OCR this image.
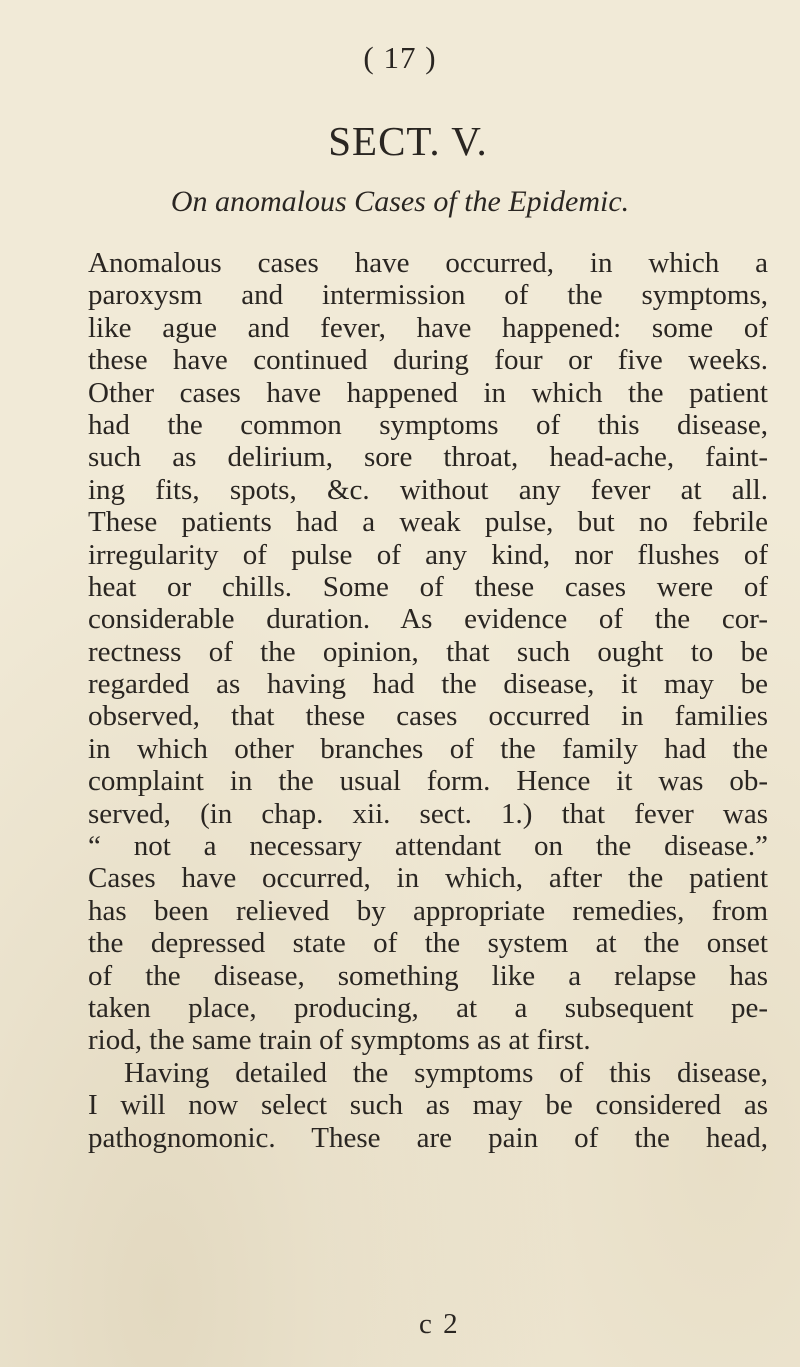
( 17 )
SECT. V.
On anomalous Cases of the Epidemic.
Anomalous cases have occurred, in which a
paroxysm and intermission of the symptoms,
like ague and fever, have happened: some of
these have continued during four or five weeks.
Other cases have happened in which the patient
had the common symptoms of this disease,
such as delirium, sore throat, head-ache, faint-
ing fits, spots, &c. without any fever at all.
These patients had a weak pulse, but no febrile
irregularity of pulse of any kind, nor flushes of
heat or chills. Some of these cases were of
considerable duration. As evidence of the cor-
rectness of the opinion, that such ought to be
regarded as having had the disease, it may be
observed, that these cases occurred in families
in which other branches of the family had the
complaint in the usual form. Hence it was ob-
served, (in chap. xii. sect. 1.) that fever was
“ not a necessary attendant on the disease.”
Cases have occurred, in which, after the patient
has been relieved by appropriate remedies, from
the depressed state of the system at the onset
of the disease, something like a relapse has
taken place, producing, at a subsequent pe-
riod, the same train of symptoms as at first.
Having detailed the symptoms of this disease,
I will now select such as may be considered as
pathognomonic. These are pain of the head,
c 2
